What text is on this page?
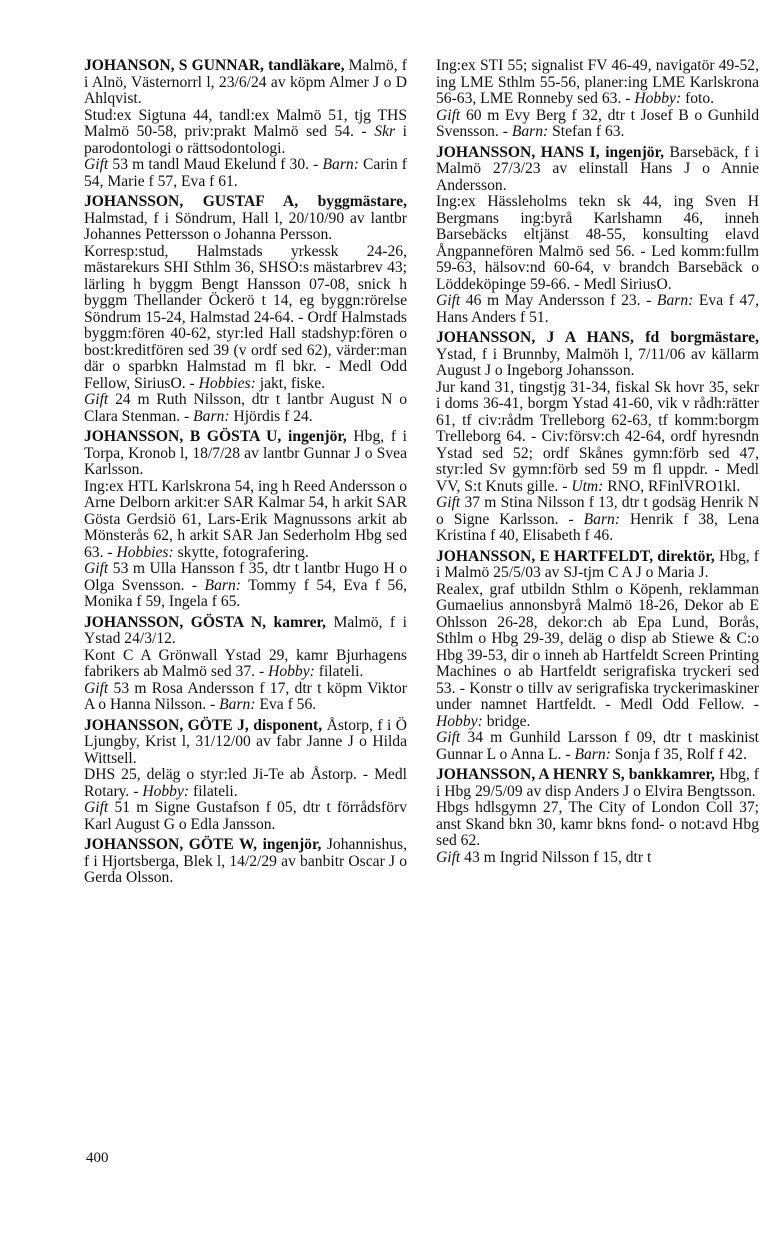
JOHANSON, S GUNNAR , tandläkare , Malmö, f i Alnö, Västernorrl l, 23/6/24 av köpm Almer J o D Ahlqvist.

Stud:ex Sigtuna 44, tandl:ex Malmö 51, tjg THS Malmö 50-58, priv:prakt Malmö sed 54. - Skr i parodontologi o rättsodontologi.

Gift 53 m tandl Maud Ekelund f 30. - Barn: Carin f 54, Marie f 57, Eva f 61.

JOHANSSON, GUSTAF A , byggmästare , Halmstad, f i Söndrum, Hall l, 20/10/90 av lantbr Johannes Pettersson o Johanna Persson.

Korresp:stud, Halmstads yrkessk 24-26, mästarekurs SHI Sthlm 36, SHSO:s mästarbrev 43; lärling h byggm Bengt Hansson 07-08, snick h byggm Thellander Öckerö t 14, eg byggn:rörelse Söndrum 15-24, Halmstad 24-64. - Ordf Halmstads byggm:fören 40-62, styr:led Hall stadshyp:fören o bost:kreditfören sed 39 (v ordf sed 62), värder:man där o sparbkn Halmstad m fl bkr. - Medl Odd Fellow, SiriusO. - Hobbies: jakt, fiske.

Gift 24 m Ruth Nilsson, dtr t lantbr August N o Clara Stenman. - Barn: Hjördis f 24.

JOHANSSON, B GÖSTA U , ingenjör , Hbg, f i Torpa, Kronob l, 18/7/28 av lantbr Gunnar J o Svea Karlsson.

Ing:ex HTL Karlskrona 54, ing h Reed Andersson o Arne Delborn arkit:er SAR Kalmar 54, h arkit SAR Gösta Gerdsiö 61, Lars-Erik Magnussons arkit ab Mönsterås 62, h arkit SAR Jan Sederholm Hbg sed 63. - Hobbies: skytte, fotografering.

Gift 53 m Ulla Hansson f 35, dtr t lantbr Hugo H o Olga Svensson. - Barn: Tommy f 54, Eva f 56, Monika f 59, Ingela f 65.

JOHANSSON, GÖSTA N , kamrer , Malmö, f i Ystad 24/3/12.

Kont C A Grönwall Ystad 29, kamr Bjurhagens fabrikers ab Malmö sed 37. - Hobby: filateli.

Gift 53 m Rosa Andersson f 17, dtr t köpm Viktor A o Hanna Nilsson. - Barn: Eva f 56.

JOHANSSON, GÖTE J , disponent , Åstorp, f i Ö Ljungby, Krist l, 31/12/00 av fabr Janne J o Hilda Wittsell.

DHS 25, deläg o styr:led Ji-Te ab Åstorp. - Medl Rotary. - Hobby: filateli.

Gift 51 m Signe Gustafson f 05, dtr t förrådsförv Karl August G o Edla Jansson.

JOHANSSON, GÖTE W , ingenjör , Johannishus, f i Hjortsberga, Blek l, 14/2/29 av banbitr Oscar J o Gerda Olsson.

Ing:ex STI 55; signalist FV 46-49, navigatör 49-52, ing LME Sthlm 55-56, planer:ing LME Karlskrona 56-63, LME Ronneby sed 63. - Hobby: foto.

Gift 60 m Evy Berg f 32, dtr t Josef B o Gunhild Svensson. - Barn: Stefan f 63.

JOHANSSON, HANS I , ingenjör , Barsebäck, f i Malmö 27/3/23 av elinstall Hans J o Annie Andersson.

Ing:ex Hässleholms tekn sk 44, ing Sven H Bergmans ing:byrå Karlshamn 46, inneh Barsebäcks eltjänst 48-55, konsulting elavd Ångpannefören Malmö sed 56. - Led komm:fullm 59-63, hälsov:nd 60-64, v brandch Barsebäck o Löddeköpinge 59-66. - Medl SiriusO.

Gift 46 m May Andersson f 23. - Barn: Eva f 47, Hans Anders f 51.

JOHANSSON, J A HANS , fd borgmästare , Ystad, f i Brunnby, Malmöh l, 7/11/06 av källarm August J o Ingeborg Johansson.

Jur kand 31, tingstjg 31-34, fiskal Sk hovr 35, sekr i doms 36-41, borgm Ystad 41-60, vik v rådh:rätter 61, tf civ:rådm Trelleborg 62-63, tf komm:borgm Trelleborg 64. - Civ:försv:ch 42-64, ordf hyresndn Ystad sed 52; ordf Skånes gymn:förb sed 47, styr:led Sv gymn:förb sed 59 m fl uppdr. - Medl VV, S:t Knuts gille. - Utm: RNO, RFinlVRO1kl.

Gift 37 m Stina Nilsson f 13, dtr t godsäg Henrik N o Signe Karlsson. - Barn: Henrik f 38, Lena Kristina f 40, Elisabeth f 46.

JOHANSSON, E HARTFELDT , direktör , Hbg, f i Malmö 25/5/03 av SJ-tjm C A J o Maria J.

Realex, graf utbildn Sthlm o Köpenh, reklamman Gumaelius annonsbyrå Malmö 18-26, Dekor ab E Ohlsson 26-28, dekor:ch ab Epa Lund, Borås, Sthlm o Hbg 29-39, deläg o disp ab Stiewe & C:o Hbg 39-53, dir o inneh ab Hartfeldt Screen Printing Machines o ab Hartfeldt serigrafiska tryckeri sed 53. - Konstr o tillv av serigrafiska tryckerimaskiner under namnet Hartfeldt. - Medl Odd Fellow. - Hobby: bridge.

Gift 34 m Gunhild Larsson f 09, dtr t maskinist Gunnar L o Anna L. - Barn: Sonja f 35, Rolf f 42.

JOHANSSON, A HENRY S , bankkamrer , Hbg, f i Hbg 29/5/09 av disp Anders J o Elvira Bengtsson.

Hbgs hdlsgymn 27, The City of London Coll 37; anst Skand bkn 30, kamr bkns fond- o not:avd Hbg sed 62.

Gift 43 m Ingrid Nilsson f 15, dtr t

400
